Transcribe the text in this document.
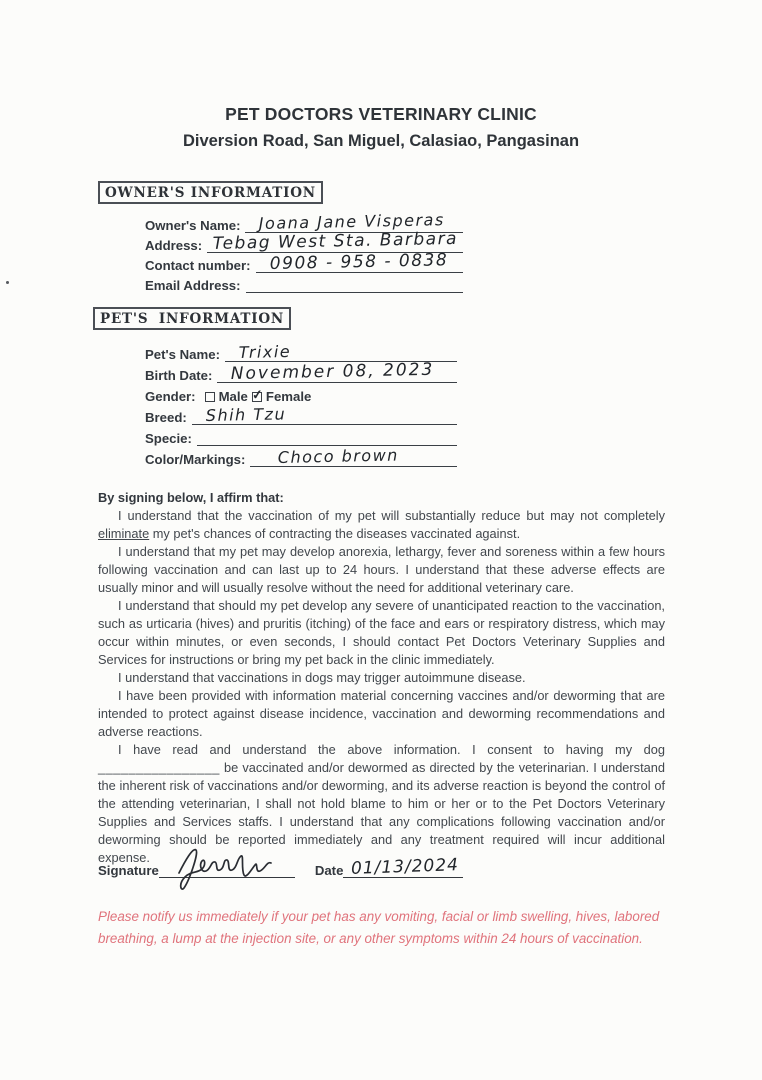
PET DOCTORS VETERINARY CLINIC
Diversion Road, San Miguel, Calasiao, Pangasinan
OWNER'S INFORMATION
Owner's Name:	Joana Jane Visperas
Address: Tebag West Sta. Barbara
Contact number: 0908 - 958 - 0838
Email Address:
PET'S INFORMATION
Pet's Name:	Trixie
Birth Date: November 08, 2023
Gender:	Male ✓ Female
Breed:	Shih Tzu
Specie:
Color/Markings:	Choco brown

By signing below, I affirm that:

I understand that the vaccination of my pet will substantially reduce but may not completely eliminate my pet's chances of contracting the diseases vaccinated against.

I understand that my pet may develop anorexia, lethargy, fever and soreness within a few hours following vaccination and can last up to 24 hours. I understand that these adverse effects are usually minor and will usually resolve without the need for additional veterinary care.

I understand that should my pet develop any severe of unanticipated reaction to the vaccination, such as urticaria (hives) and pruritis (itching) of the face and ears or respiratory distress, which may occur within minutes, or even seconds, I should contact Pet Doctors Veterinary Supplies and Services for instructions or bring my pet back in the clinic immediately.

I understand that vaccinations in dogs may trigger autoimmune disease.

I have been provided with information material concerning vaccines and/or deworming that are intended to protect against disease incidence, vaccination and deworming recommendations and adverse reactions.

I have read and understand the above information. I consent to having my dog ________________ be vaccinated and/or dewormed as directed by the veterinarian. I understand the inherent risk of vaccinations and/or deworming, and its adverse reaction is beyond the control of the attending veterinarian, I shall not hold blame to him or her or to the Pet Doctors Veterinary Supplies and Services staffs. I understand that any complications following vaccination and/or deworming should be reported immediately and any treatment required will incur additional expense.

Signature	Date 01/13/2024

Please notify us immediately if your pet has any vomiting, facial or limb swelling, hives, labored breathing, a lump at the injection site, or any other symptoms within 24 hours of vaccination.
